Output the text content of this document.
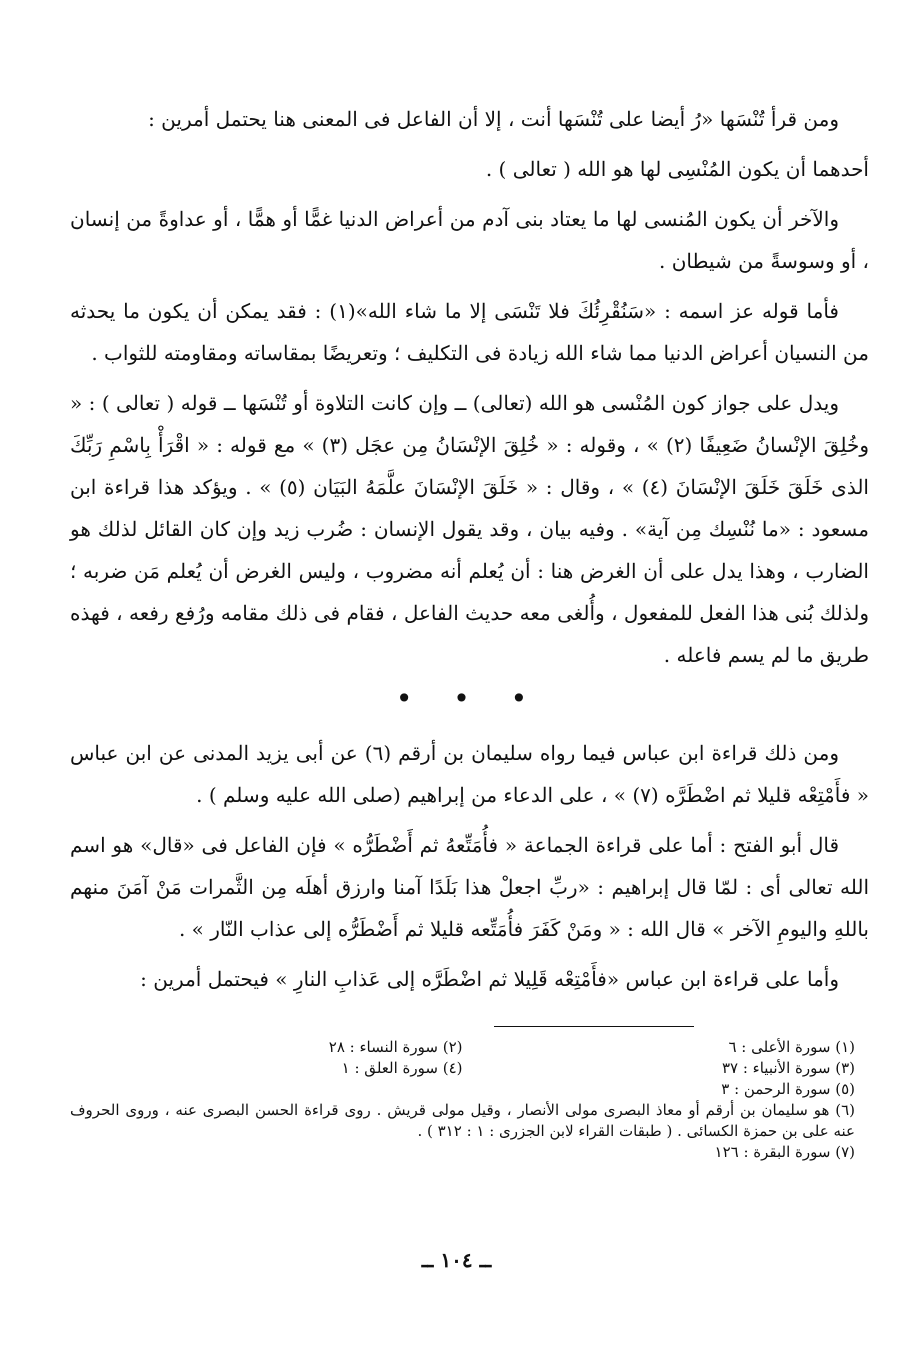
ومن قرأ تُنْسَها «رُ أيضا على تُنْسَها أنت ، إلا أن الفاعل فى المعنى هنا يحتمل أمرين :

أحدهما أن يكون المُنْسِى لها هو الله ( تعالى ) .

والآخر أن يكون المُنسى لها ما يعتاد بنى آدم من أعراض الدنيا غمًّا أو همًّا ، أو عداوةً من إنسان ، أو وسوسةً من شيطان .

فأما قوله عز اسمه : «سَنُقْرِئُكَ فلا تَنْسَى إلا ما شاء الله»(١) : فقد يمكن أن يكون ما يحدثه من النسيان أعراض الدنيا مما شاء الله زيادة فى التكليف ؛ وتعريضًا بمقاساته ومقاومته للثواب .

ويدل على جواز كون المُنْسى هو الله (تعالى) ــ وإن كانت التلاوة أو تُنْسَها ــ قوله ( تعالى ) : « وخُلِقَ الإنْسانُ ضَعِيفًا (٢) » ، وقوله : « خُلِقَ الإنْسَانُ مِن عجَل (٣) » مع قوله : « اقْرَأْ بِاسْمِ رَبِّكَ الذى خَلَقَ خَلَقَ الإنْسَانَ (٤) » ، وقال : « خَلَقَ الإنْسَانَ علَّمَهُ البَيَان (٥) » . ويؤكد هذا قراءة ابن مسعود : «ما نُنْسِك مِن آية» . وفيه بيان ، وقد يقول الإنسان : ضُرب زيد وإن كان القائل لذلك هو الضارب ، وهذا يدل على أن الغرض هنا : أن يُعلم أنه مضروب ، وليس الغرض أن يُعلم مَن ضربه ؛ ولذلك بُنى هذا الفعل للمفعول ، وأُلغى معه حديث الفاعل ، فقام فى ذلك مقامه ورُفع رفعه ، فهذه طريق ما لم يسم فاعله .

• • •

ومن ذلك قراءة ابن عباس فيما رواه سليمان بن أرقم (٦) عن أبى يزيد المدنى عن ابن عباس « فأَمْتِعْه قليلا ثم اضْطَرَّه (٧) » ، على الدعاء من إبراهيم (صلى الله عليه وسلم ) .

قال أبو الفتح : أما على قراءة الجماعة « فأُمَتِّعهُ ثم أَضْطَرُّه » فإن الفاعل فى «قال» هو اسم الله تعالى أى : لمّا قال إبراهيم : «ربِّ اجعلْ هذا بَلَدًا آمنا وارزق أهلَه مِن الثَّمرات مَنْ آمَنَ منهم باللهِ واليومِ الآخر » قال الله : « ومَنْ كَفَرَ فأُمَتِّعه قليلا ثم أَضْطَرُّه إلى عذاب النّار » .

وأما على قراءة ابن عباس «فأَمْتِعْه قَلِيلا ثم اضْطَرَّه إلى عَذابِ النارِ » فيحتمل أمرين :

(١) سورة الأعلى : ٦
(٢) سورة النساء : ٢٨
(٣) سورة الأنبياء : ٣٧
(٤) سورة العلق : ١
(٥) سورة الرحمن : ٣
(٦) هو سليمان بن أرقم أو معاذ البصرى مولى الأنصار ، وقيل مولى قريش . روى قراءة الحسن البصرى عنه ، وروى الحروف عنه على بن حمزة الكسائى . ( طبقات القراء لابن الجزرى : ١ : ٣١٢ ) .
(٧) سورة البقرة : ١٢٦
ــ ١٠٤ ــ
